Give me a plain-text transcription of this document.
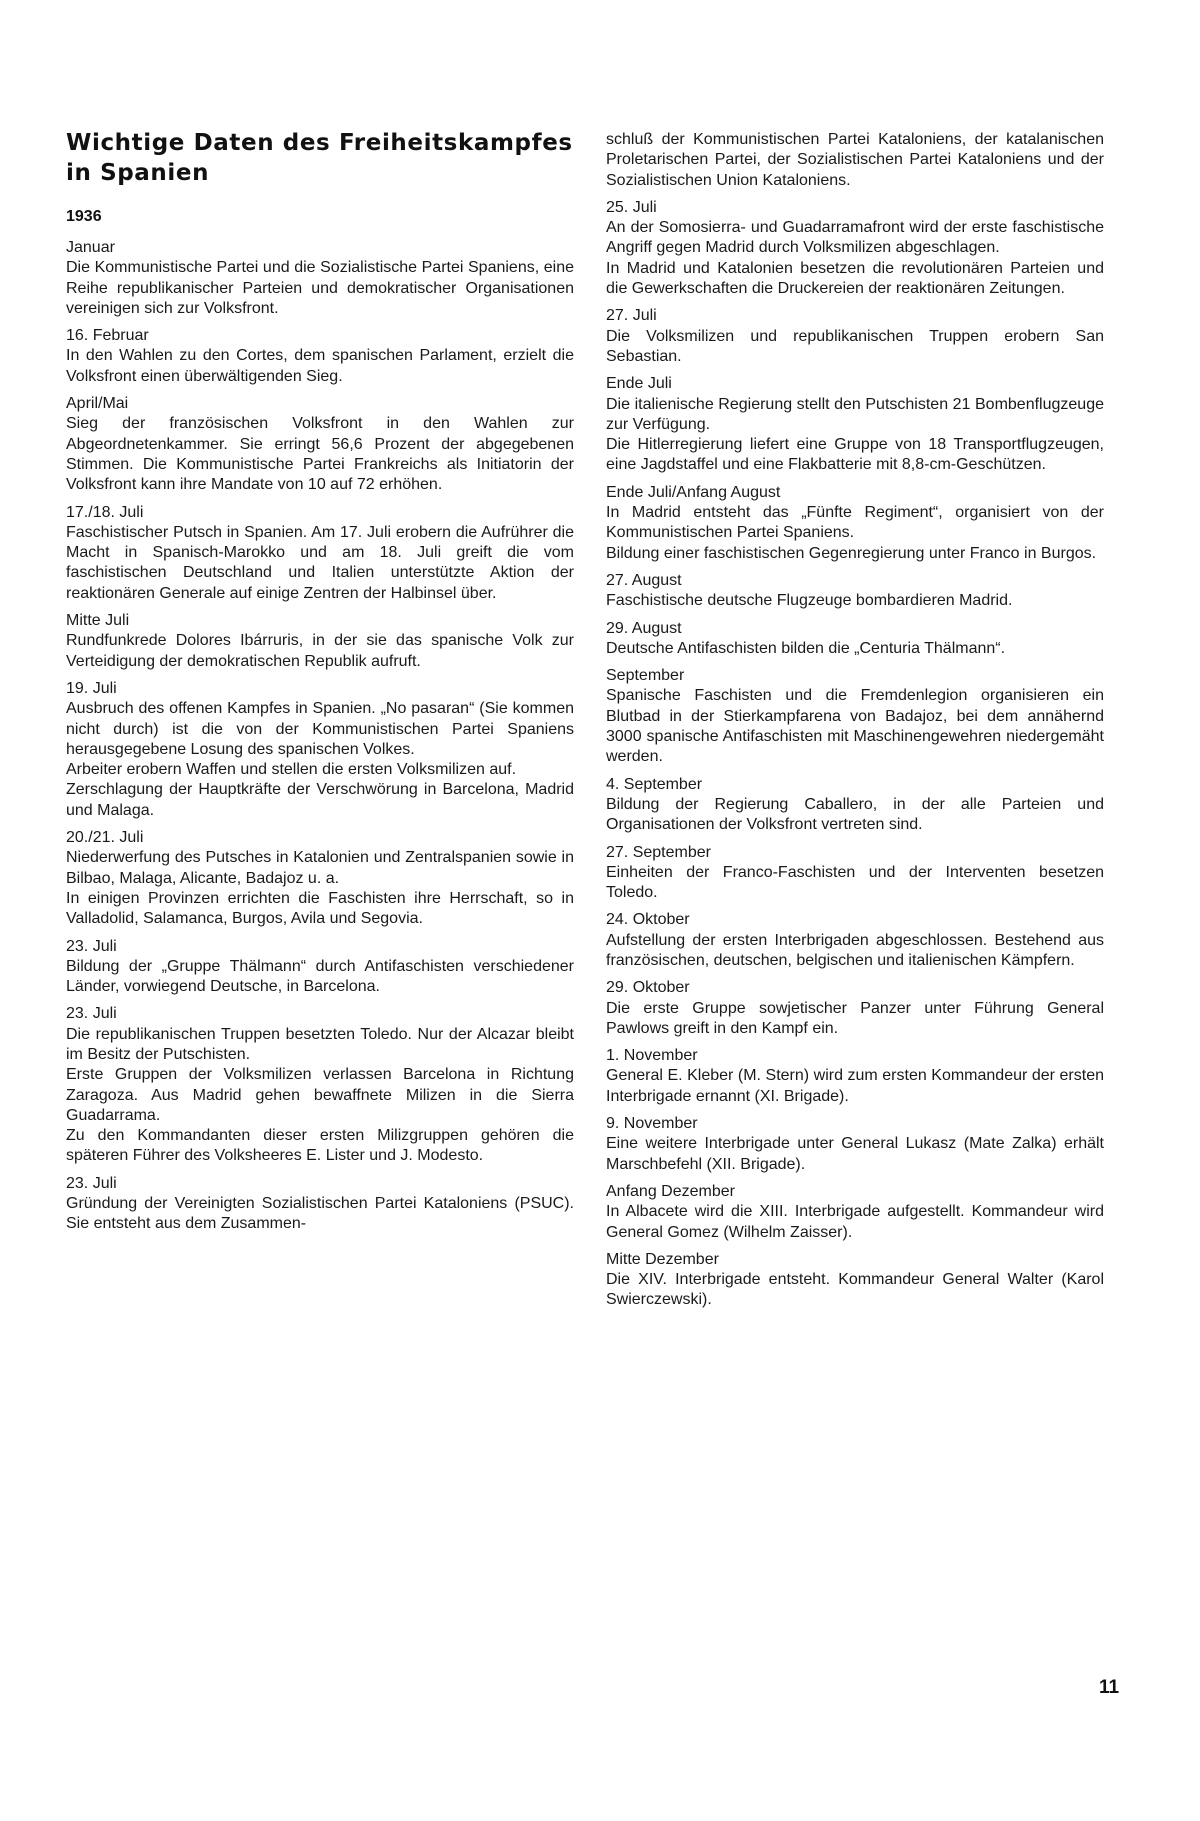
Wichtige Daten des Freiheitskampfes in Spanien
1936
Januar
Die Kommunistische Partei und die Sozialistische Partei Spaniens, eine Reihe republikanischer Parteien und demokratischer Organisationen vereinigen sich zur Volksfront.
16. Februar
In den Wahlen zu den Cortes, dem spanischen Parlament, erzielt die Volksfront einen überwältigenden Sieg.
April/Mai
Sieg der französischen Volksfront in den Wahlen zur Abgeordnetenkammer. Sie erringt 56,6 Prozent der abgegebenen Stimmen. Die Kommunistische Partei Frankreichs als Initiatorin der Volksfront kann ihre Mandate von 10 auf 72 erhöhen.
17./18. Juli
Faschistischer Putsch in Spanien. Am 17. Juli erobern die Aufrührer die Macht in Spanisch-Marokko und am 18. Juli greift die vom faschistischen Deutschland und Italien unterstützte Aktion der reaktionären Generale auf einige Zentren der Halbinsel über.
Mitte Juli
Rundfunkrede Dolores Ibárruris, in der sie das spanische Volk zur Verteidigung der demokratischen Republik aufruft.
19. Juli
Ausbruch des offenen Kampfes in Spanien. „No pasaran“ (Sie kommen nicht durch) ist die von der Kommunistischen Partei Spaniens herausgegebene Losung des spanischen Volkes.
Arbeiter erobern Waffen und stellen die ersten Volksmilizen auf.
Zerschlagung der Hauptkräfte der Verschwörung in Barcelona, Madrid und Malaga.
20./21. Juli
Niederwerfung des Putsches in Katalonien und Zentralspanien sowie in Bilbao, Malaga, Alicante, Badajoz u. a.
In einigen Provinzen errichten die Faschisten ihre Herrschaft, so in Valladolid, Salamanca, Burgos, Avila und Segovia.
23. Juli
Bildung der „Gruppe Thälmann“ durch Antifaschisten verschiedener Länder, vorwiegend Deutsche, in Barcelona.
23. Juli
Die republikanischen Truppen besetzten Toledo. Nur der Alcazar bleibt im Besitz der Putschisten.
Erste Gruppen der Volksmilizen verlassen Barcelona in Richtung Zaragoza. Aus Madrid gehen bewaffnete Milizen in die Sierra Guadarrama.
Zu den Kommandanten dieser ersten Milizgruppen gehören die späteren Führer des Volksheeres E. Lister und J. Modesto.
23. Juli
Gründung der Vereinigten Sozialistischen Partei Kataloniens (PSUC). Sie entsteht aus dem Zusammen-
schluß der Kommunistischen Partei Kataloniens, der katalanischen Proletarischen Partei, der Sozialistischen Partei Kataloniens und der Sozialistischen Union Kataloniens.
25. Juli
An der Somosierra- und Guadarramafront wird der erste faschistische Angriff gegen Madrid durch Volksmilizen abgeschlagen.
In Madrid und Katalonien besetzen die revolutionären Parteien und die Gewerkschaften die Druckereien der reaktionären Zeitungen.
27. Juli
Die Volksmilizen und republikanischen Truppen erobern San Sebastian.
Ende Juli
Die italienische Regierung stellt den Putschisten 21 Bombenflugzeuge zur Verfügung.
Die Hitlerregierung liefert eine Gruppe von 18 Transportflugzeugen, eine Jagdstaffel und eine Flakbatterie mit 8,8-cm-Geschützen.
Ende Juli/Anfang August
In Madrid entsteht das „Fünfte Regiment“, organisiert von der Kommunistischen Partei Spaniens.
Bildung einer faschistischen Gegenregierung unter Franco in Burgos.
27. August
Faschistische deutsche Flugzeuge bombardieren Madrid.
29. August
Deutsche Antifaschisten bilden die „Centuria Thälmann“.
September
Spanische Faschisten und die Fremdenlegion organisieren ein Blutbad in der Stierkampfarena von Badajoz, bei dem annähernd 3000 spanische Antifaschisten mit Maschinengewehren niedergemäht werden.
4. September
Bildung der Regierung Caballero, in der alle Parteien und Organisationen der Volksfront vertreten sind.
27. September
Einheiten der Franco-Faschisten und der Interventen besetzen Toledo.
24. Oktober
Aufstellung der ersten Interbrigaden abgeschlossen. Bestehend aus französischen, deutschen, belgischen und italienischen Kämpfern.
29. Oktober
Die erste Gruppe sowjetischer Panzer unter Führung General Pawlows greift in den Kampf ein.
1. November
General E. Kleber (M. Stern) wird zum ersten Kommandeur der ersten Interbrigade ernannt (XI. Brigade).
9. November
Eine weitere Interbrigade unter General Lukasz (Mate Zalka) erhält Marschbefehl (XII. Brigade).
Anfang Dezember
In Albacete wird die XIII. Interbrigade aufgestellt. Kommandeur wird General Gomez (Wilhelm Zaisser).
Mitte Dezember
Die XIV. Interbrigade entsteht. Kommandeur General Walter (Karol Swierczewski).
11
